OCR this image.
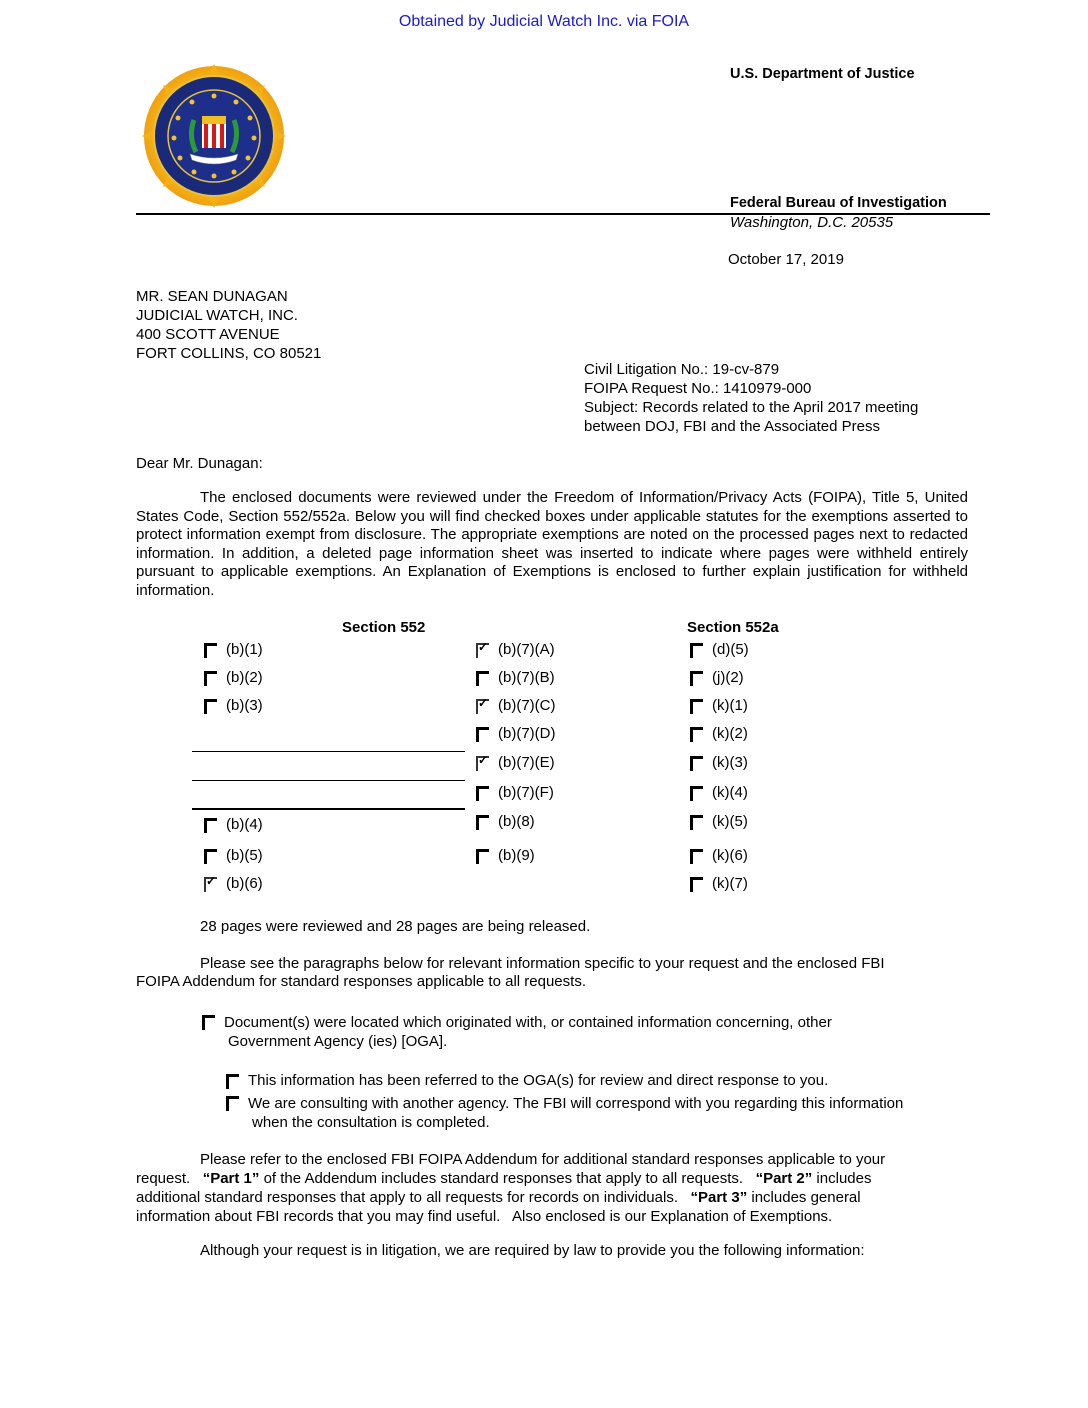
Obtained by Judicial Watch Inc. via FOIA
U.S. Department of Justice
Federal Bureau of Investigation
Washington, D.C. 20535
October 17, 2019
MR. SEAN DUNAGAN
JUDICIAL WATCH, INC.
400 SCOTT AVENUE
FORT COLLINS, CO 80521
Civil Litigation No.: 19-cv-879
FOIPA Request No.: 1410979-000
Subject: Records related to the April 2017 meeting
between DOJ, FBI and the Associated Press
Dear Mr. Dunagan:
The enclosed documents were reviewed under the Freedom of Information/Privacy Acts (FOIPA), Title 5, United States Code, Section 552/552a. Below you will find checked boxes under applicable statutes for the exemptions asserted to protect information exempt from disclosure. The appropriate exemptions are noted on the processed pages next to redacted information. In addition, a deleted page information sheet was inserted to indicate where pages were withheld entirely pursuant to applicable exemptions. An Explanation of Exemptions is enclosed to further explain justification for withheld information.
Section 552	Section 552a
(b)(1)
(b)(2)
(b)(3)
(b)(4)
(b)(5)
✓ (b)(6)
✓ (b)(7)(A)
(b)(7)(B)
✓ (b)(7)(C)
(b)(7)(D)
✓ (b)(7)(E)
(b)(7)(F)
(b)(8)
(b)(9)
(d)(5)
(j)(2)
(k)(1)
(k)(2)
(k)(3)
(k)(4)
(k)(5)
(k)(6)
(k)(7)
28 pages were reviewed and 28 pages are being released.
Please see the paragraphs below for relevant information specific to your request and the enclosed FBI
FOIPA Addendum for standard responses applicable to all requests.
Document(s) were located which originated with, or contained information concerning, other
Government Agency (ies) [OGA].
This information has been referred to the OGA(s) for review and direct response to you.
We are consulting with another agency. The FBI will correspond with you regarding this information
when the consultation is completed.
Please refer to the enclosed FBI FOIPA Addendum for additional standard responses applicable to your
request.   “Part 1” of the Addendum includes standard responses that apply to all requests.   “Part 2” includes
additional standard responses that apply to all requests for records on individuals.   “Part 3” includes general
information about FBI records that you may find useful.   Also enclosed is our Explanation of Exemptions.
Although your request is in litigation, we are required by law to provide you the following information:
